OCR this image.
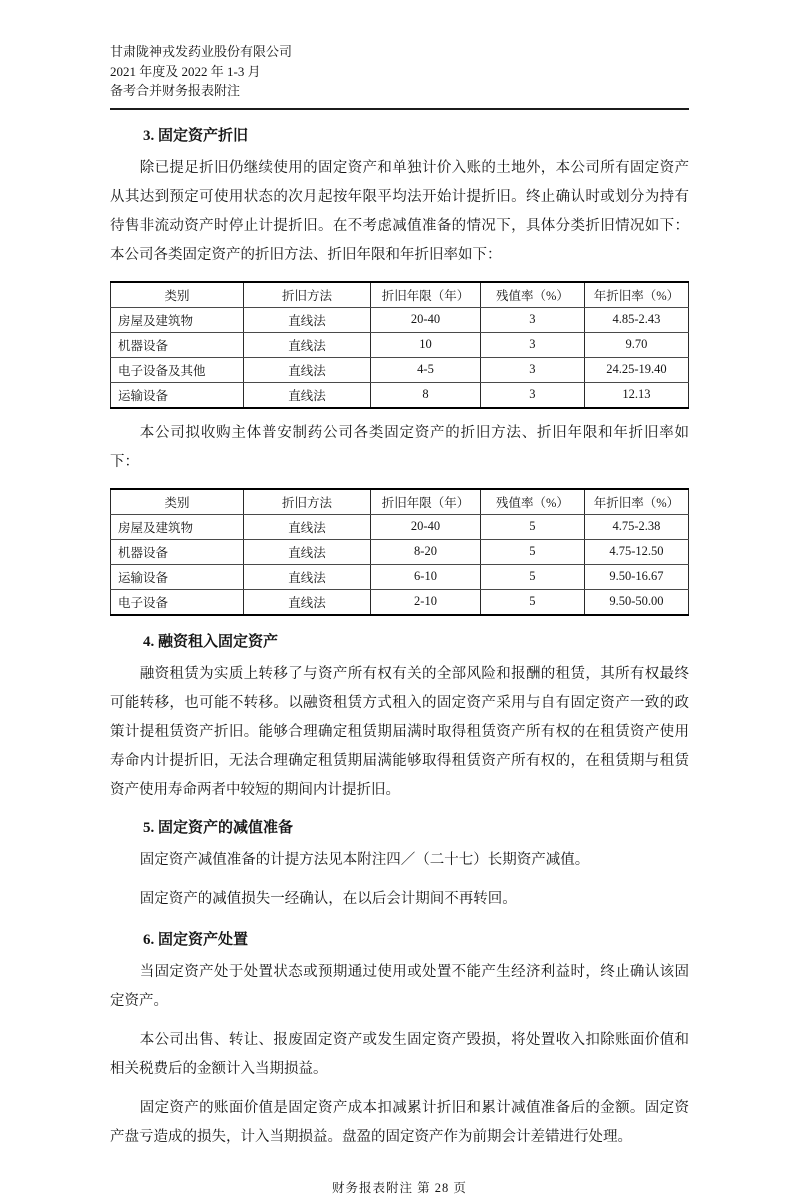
甘肃陇神戎发药业股份有限公司
2021 年度及 2022 年 1-3 月
备考合并财务报表附注
3. 固定资产折旧

除已提足折旧仍继续使用的固定资产和单独计价入账的土地外，本公司所有固定资产从其达到预定可使用状态的次月起按年限平均法开始计提折旧。终止确认时或划分为持有待售非流动资产时停止计提折旧。在不考虑减值准备的情况下，具体分类折旧情况如下：本公司各类固定资产的折旧方法、折旧年限和年折旧率如下：

类别	折旧方法	折旧年限（年）	残值率（%）	年折旧率（%）
房屋及建筑物	直线法	20-40	3	4.85-2.43
机器设备	直线法	10	3	9.70
电子设备及其他	直线法	4-5	3	24.25-19.40
运输设备	直线法	8	3	12.13

本公司拟收购主体普安制药公司各类固定资产的折旧方法、折旧年限和年折旧率如下：

类别	折旧方法	折旧年限（年）	残值率（%）	年折旧率（%）
房屋及建筑物	直线法	20-40	5	4.75-2.38
机器设备	直线法	8-20	5	4.75-12.50
运输设备	直线法	6-10	5	9.50-16.67
电子设备	直线法	2-10	5	9.50-50.00
4. 融资租入固定资产

融资租赁为实质上转移了与资产所有权有关的全部风险和报酬的租赁，其所有权最终可能转移，也可能不转移。以融资租赁方式租入的固定资产采用与自有固定资产一致的政策计提租赁资产折旧。能够合理确定租赁期届满时取得租赁资产所有权的在租赁资产使用寿命内计提折旧，无法合理确定租赁期届满能够取得租赁资产所有权的，在租赁期与租赁资产使用寿命两者中较短的期间内计提折旧。

5. 固定资产的减值准备

固定资产减值准备的计提方法见本附注四／（二十七）长期资产减值。

固定资产的减值损失一经确认，在以后会计期间不再转回。

6. 固定资产处置

当固定资产处于处置状态或预期通过使用或处置不能产生经济利益时，终止确认该固定资产。

本公司出售、转让、报废固定资产或发生固定资产毁损，将处置收入扣除账面价值和相关税费后的金额计入当期损益。

固定资产的账面价值是固定资产成本扣减累计折旧和累计减值准备后的金额。固定资产盘亏造成的损失，计入当期损益。盘盈的固定资产作为前期会计差错进行处理。

财务报表附注 第 28 页
